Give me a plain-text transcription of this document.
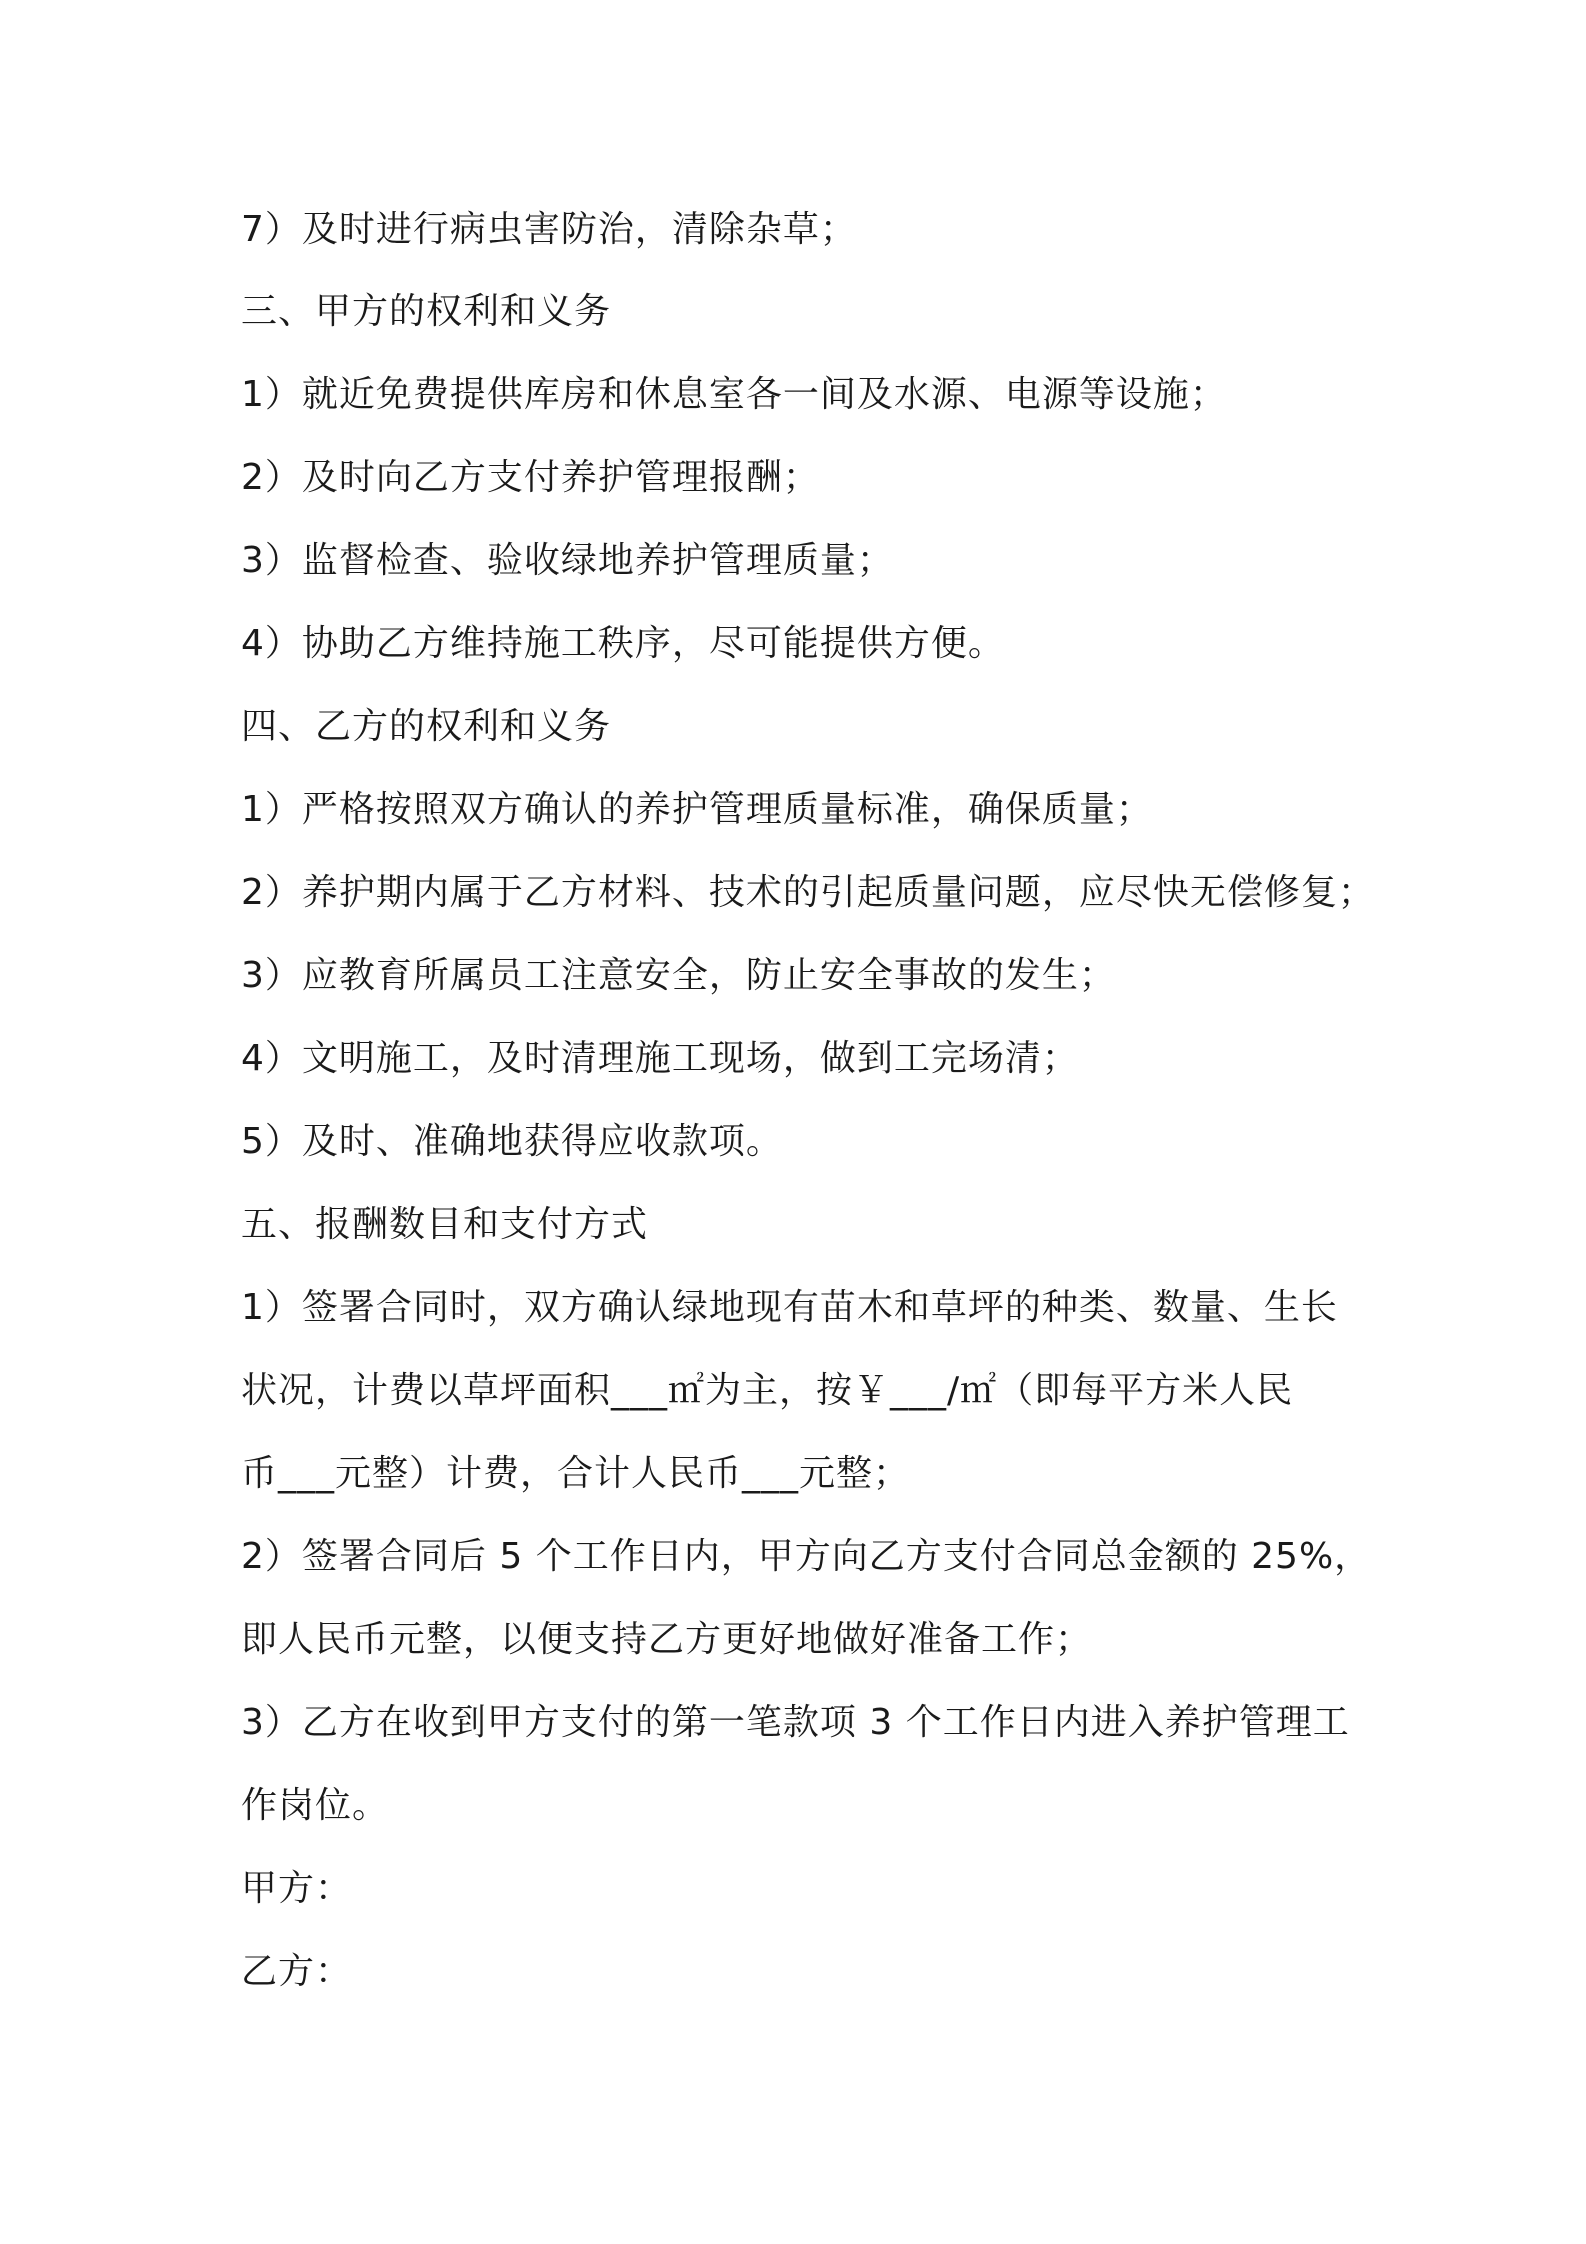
7）及时进行病虫害防治，清除杂草；
三、甲方的权利和义务
1）就近免费提供库房和休息室各一间及水源、电源等设施；
2）及时向乙方支付养护管理报酬；
3）监督检查、验收绿地养护管理质量；
4）协助乙方维持施工秩序，尽可能提供方便。
四、乙方的权利和义务
1）严格按照双方确认的养护管理质量标准，确保质量；
2）养护期内属于乙方材料、技术的引起质量问题，应尽快无偿修复；
3）应教育所属员工注意安全，防止安全事故的发生；
4）文明施工，及时清理施工现场，做到工完场清；
5）及时、准确地获得应收款项。
五、报酬数目和支付方式
1）签署合同时，双方确认绿地现有苗木和草坪的种类、数量、生长
状况，计费以草坪面积___㎡为主，按￥___/㎡（即每平方米人民
币___元整）计费，合计人民币___元整；
2）签署合同后 5 个工作日内，甲方向乙方支付合同总金额的 25%，
即人民币元整，以便支持乙方更好地做好准备工作；
3）乙方在收到甲方支付的第一笔款项 3 个工作日内进入养护管理工
作岗位。
甲方：
乙方：
